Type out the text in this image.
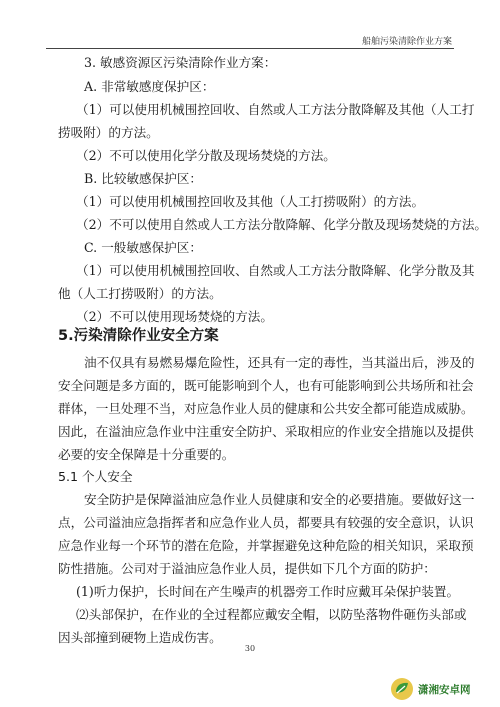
船舶污染清除作业方案
3. 敏感资源区污染清除作业方案：
A. 非常敏感度保护区：
（1）可以使用机械围控回收、自然或人工方法分散降解及其他（人工打
捞吸附）的方法。
（2）不可以使用化学分散及现场焚烧的方法。
B. 比较敏感保护区：
（1）可以使用机械围控回收及其他（人工打捞吸附）的方法。
（2）不可以使用自然或人工方法分散降解、化学分散及现场焚烧的方法。
C. 一般敏感保护区：
（1）可以使用机械围控回收、自然或人工方法分散降解、化学分散及其
他（人工打捞吸附）的方法。
（2）不可以使用现场焚烧的方法。
5.污染清除作业安全方案
油不仅具有易燃易爆危险性，还具有一定的毒性，当其溢出后，涉及的
安全问题是多方面的，既可能影响到个人，也有可能影响到公共场所和社会
群体，一旦处理不当，对应急作业人员的健康和公共安全都可能造成威胁。
因此，在溢油应急作业中注重安全防护、采取相应的作业安全措施以及提供
必要的安全保障是十分重要的。
5.1 个人安全
安全防护是保障溢油应急作业人员健康和安全的必要措施。要做好这一
点，公司溢油应急指挥者和应急作业人员，都要具有较强的安全意识，认识
应急作业每一个环节的潜在危险，并掌握避免这种危险的相关知识，采取预
防性措施。公司对于溢油应急作业人员，提供如下几个方面的防护：
(1)听力保护，长时间在产生噪声的机器旁工作时应戴耳朵保护装置。
⑵头部保护，在作业的全过程都应戴安全帽，以防坠落物件砸伤头部或
因头部撞到硬物上造成伤害。
30
潇湘安卓网
